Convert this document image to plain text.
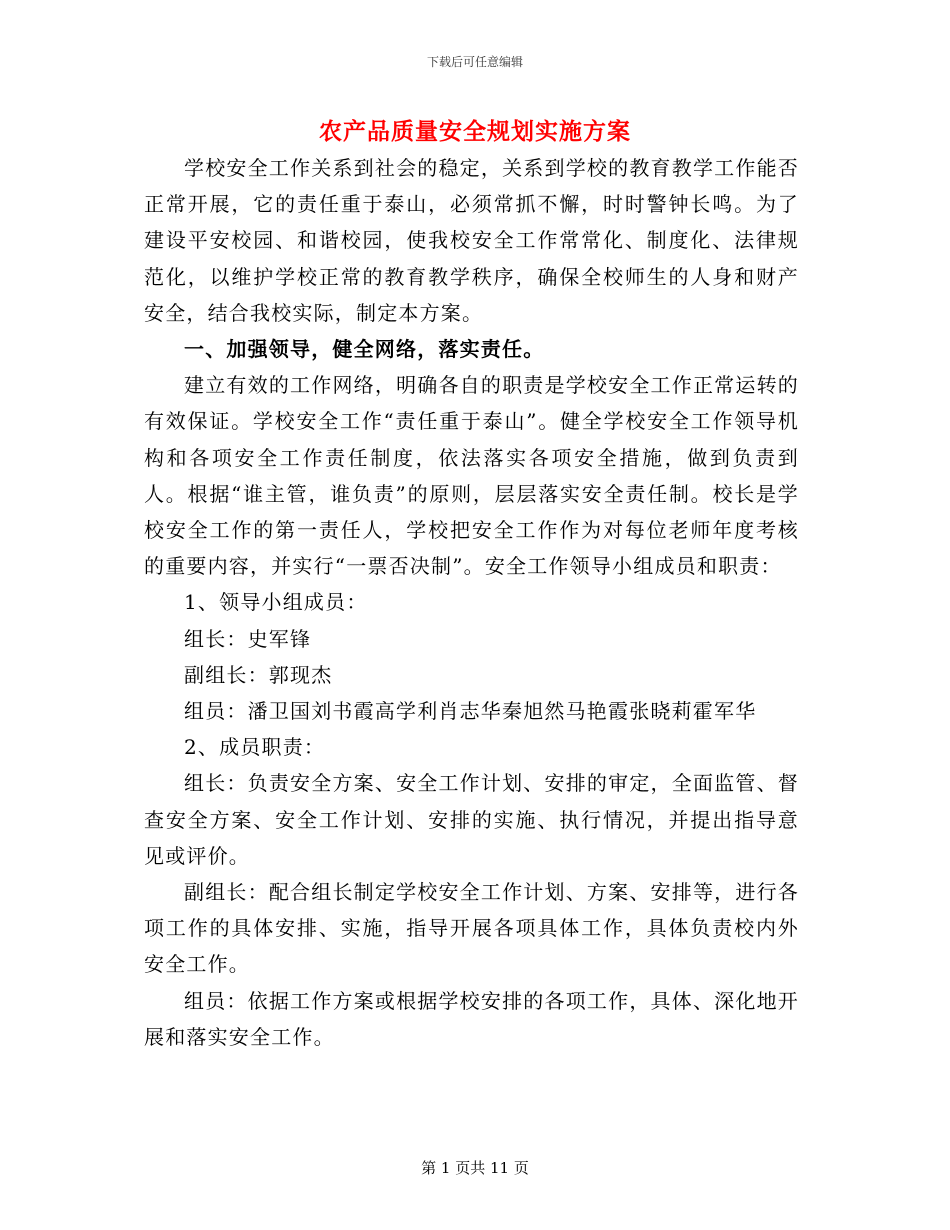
下载后可任意编辑
农产品质量安全规划实施方案

学校安全工作关系到社会的稳定，关系到学校的教育教学工作能否正常开展，它的责任重于泰山，必须常抓不懈，时时警钟长鸣。为了建设平安校园、和谐校园，使我校安全工作常常化、制度化、法律规范化，以维护学校正常的教育教学秩序，确保全校师生的人身和财产安全，结合我校实际，制定本方案。

一、加强领导，健全网络，落实责任。

建立有效的工作网络，明确各自的职责是学校安全工作正常运转的有效保证。学校安全工作“责任重于泰山”。健全学校安全工作领导机构和各项安全工作责任制度，依法落实各项安全措施，做到负责到人。根据“谁主管，谁负责”的原则，层层落实安全责任制。校长是学校安全工作的第一责任人，学校把安全工作作为对每位老师年度考核的重要内容，并实行“一票否决制”。安全工作领导小组成员和职责：

1、领导小组成员：

组长：史军锋

副组长：郭现杰

组员：潘卫国刘书霞高学利肖志华秦旭然马艳霞张晓莉霍军华

2、成员职责：

组长：负责安全方案、安全工作计划、安排的审定，全面监管、督查安全方案、安全工作计划、安排的实施、执行情况，并提出指导意见或评价。

副组长：配合组长制定学校安全工作计划、方案、安排等，进行各项工作的具体安排、实施，指导开展各项具体工作，具体负责校内外安全工作。

组员：依据工作方案或根据学校安排的各项工作，具体、深化地开展和落实安全工作。

第 1 页共 11 页
